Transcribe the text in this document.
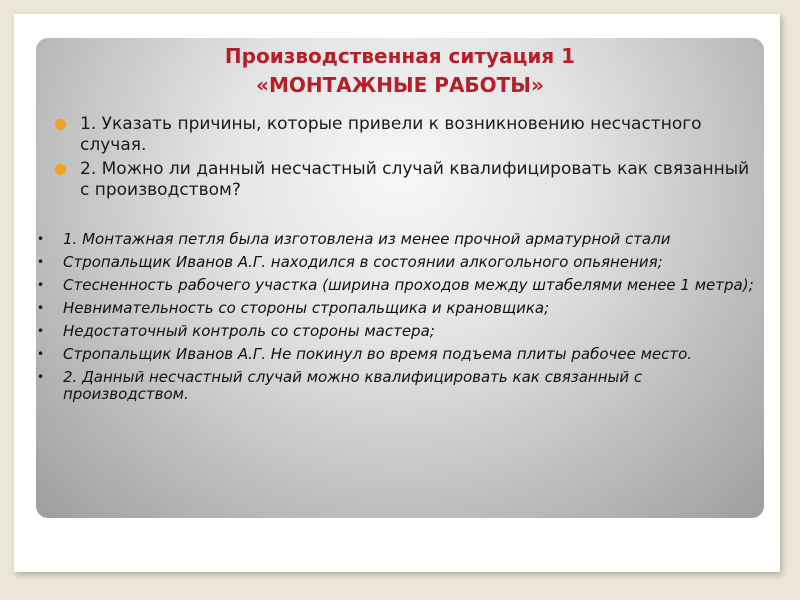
Производственная ситуация 1
«МОНТАЖНЫЕ РАБОТЫ»
1. Указать причины, которые привели к возникновению несчастного случая.
2. Можно ли данный несчастный случай квалифицировать как связанный с производством?
• 1. Монтажная петля была изготовлена из менее прочной арматурной стали
• Стропальщик Иванов А.Г. находился в состоянии алкогольного опьянения;
• Стесненность рабочего участка (ширина проходов между штабелями менее 1 метра);
• Невнимательность со стороны стропальщика и крановщика;
• Недостаточный контроль со стороны мастера;
• Стропальщик Иванов А.Г. Не покинул во время подъема плиты рабочее место.
• 2. Данный несчастный случай можно квалифицировать как связанный с производством.
